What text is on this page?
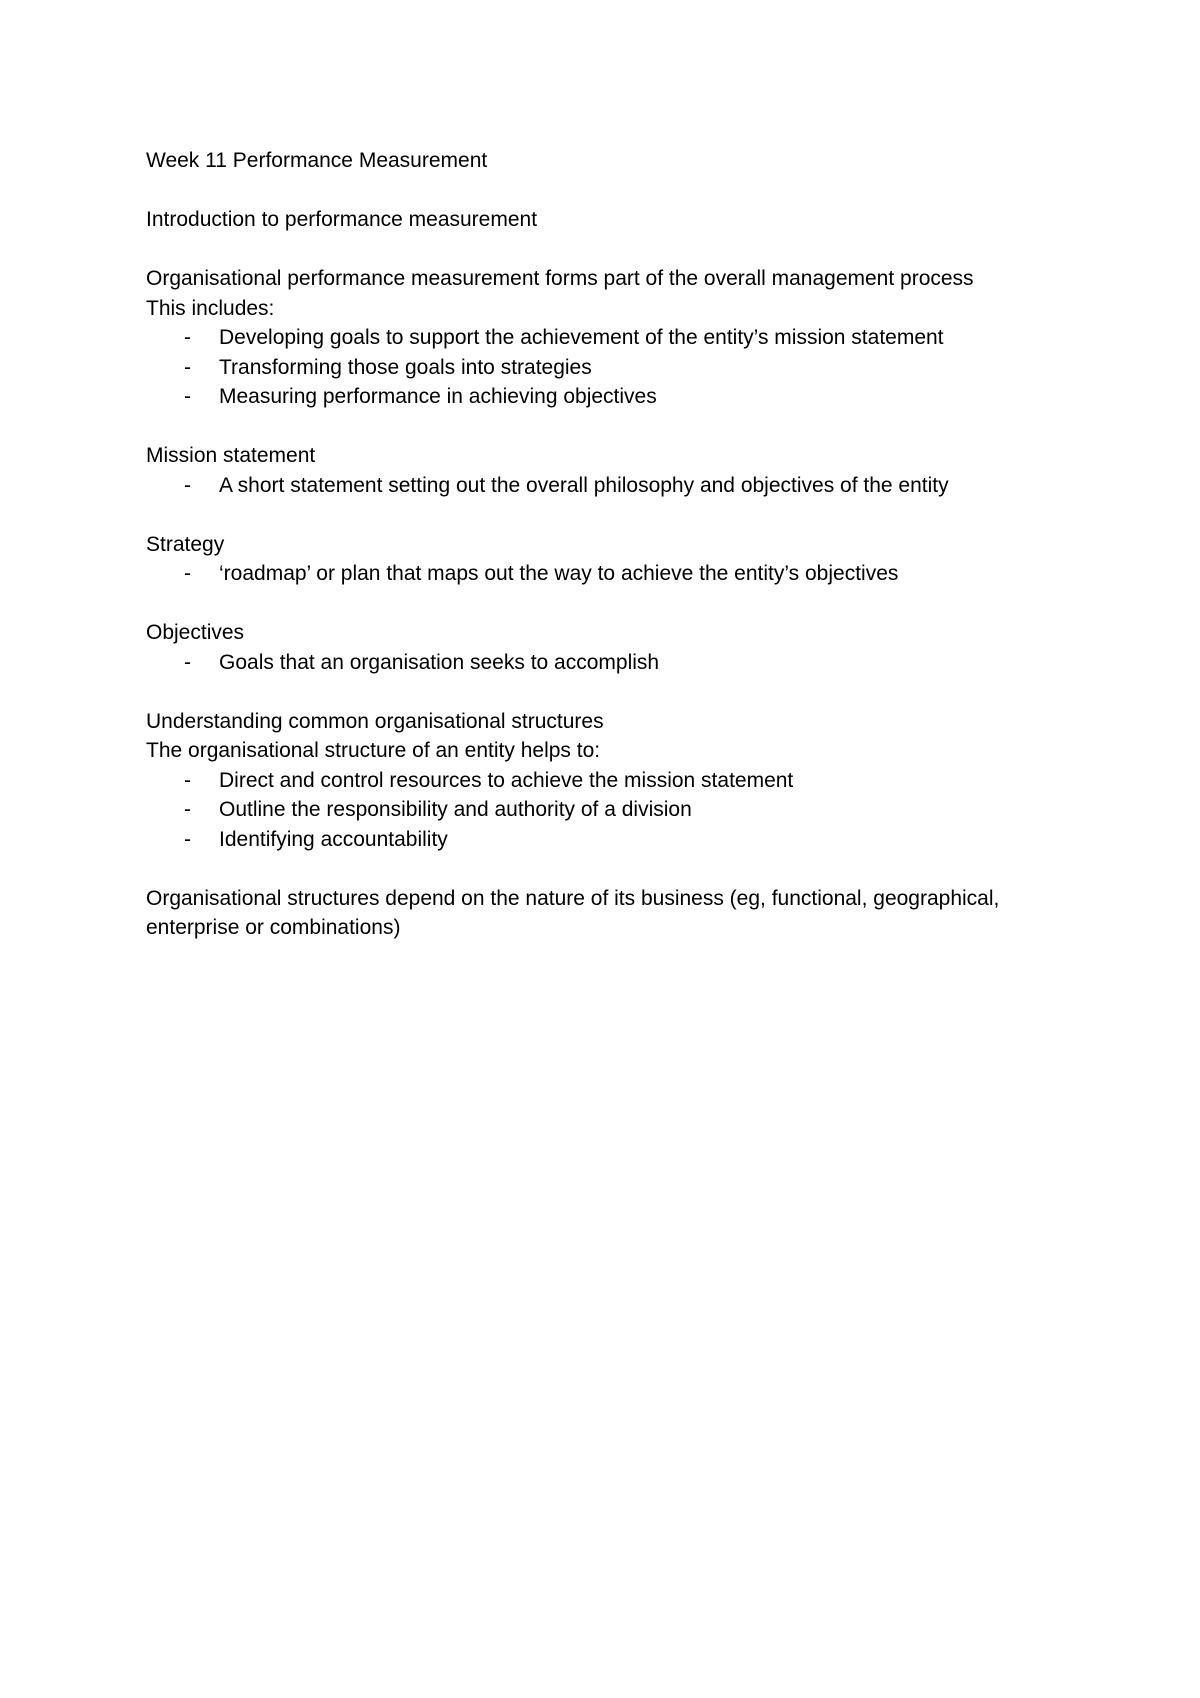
Week 11 Performance Measurement
Introduction to performance measurement
Organisational performance measurement forms part of the overall management process
This includes:
- Developing goals to support the achievement of the entity’s mission statement
- Transforming those goals into strategies
- Measuring performance in achieving objectives
Mission statement
- A short statement setting out the overall philosophy and objectives of the entity
Strategy
- ‘roadmap’ or plan that maps out the way to achieve the entity’s objectives
Objectives
- Goals that an organisation seeks to accomplish
Understanding common organisational structures
The organisational structure of an entity helps to:
- Direct and control resources to achieve the mission statement
- Outline the responsibility and authority of a division
- Identifying accountability
Organisational structures depend on the nature of its business (eg, functional, geographical, enterprise or combinations)
